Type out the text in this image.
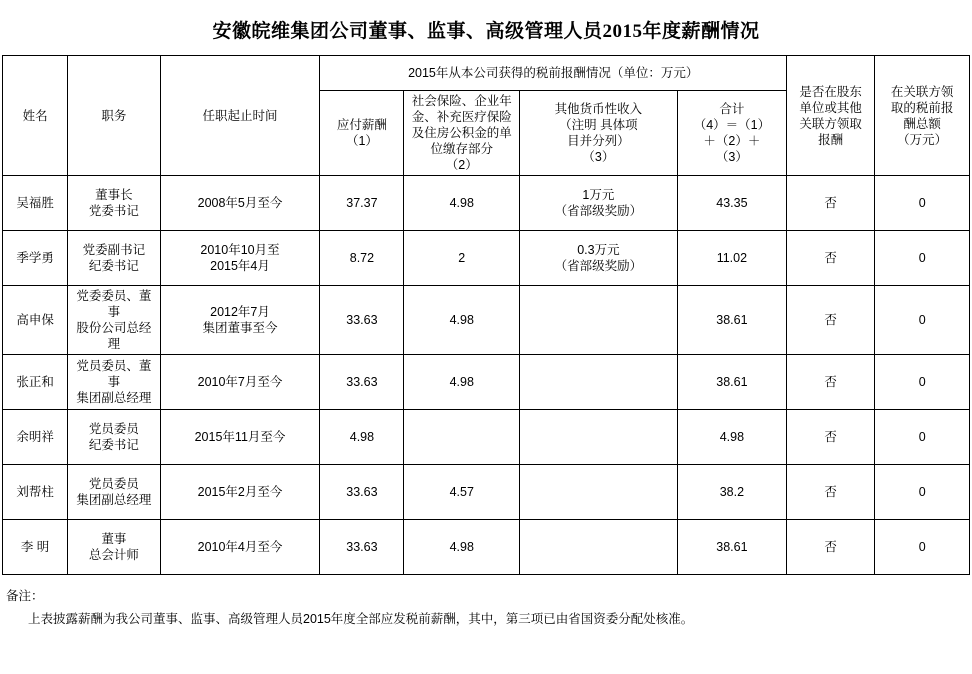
安徽皖维集团公司董事、监事、高级管理人员2015年度薪酬情况
姓名	职务	任职起止时间	2015年从本公司获得的税前报酬情况（单位：万元）				是否在股东
单位或其他
关联方领取
报酬	在关联方领
取的税前报
酬总额
（万元）
			应付薪酬
（1）	社会保险、企业年
金、补充医疗保险
及住房公积金的单
位缴存部分
（2）	其他货币性收入
（注明 具体项
目并分列）
（3）	合计
（4）＝（1）
＋（2）＋
（3）		
吴福胜	董事长
党委书记	2008年5月至今	37.37	4.98	1万元
（省部级奖励）	43.35	否	0
季学勇	党委副书记
纪委书记	2010年10月至
2015年4月	8.72	2	0.3万元
（省部级奖励）	11.02	否	0
高申保	党委委员、董事
股份公司总经理	2012年7月
集团董事至今	33.63	4.98		38.61	否	0
张正和	党员委员、董事
集团副总经理	2010年7月至今	33.63	4.98		38.61	否	0
余明祥	党员委员
纪委书记	2015年11月至今	4.98			4.98	否	0
刘帮柱	党员委员
集团副总经理	2015年2月至今	33.63	4.57		38.2	否	0
李 明	董事
总会计师	2010年4月至今	33.63	4.98		38.61	否	0
备注：
上表披露薪酬为我公司董事、监事、高级管理人员2015年度全部应发税前薪酬，其中，第三项已由省国资委分配处核准。
